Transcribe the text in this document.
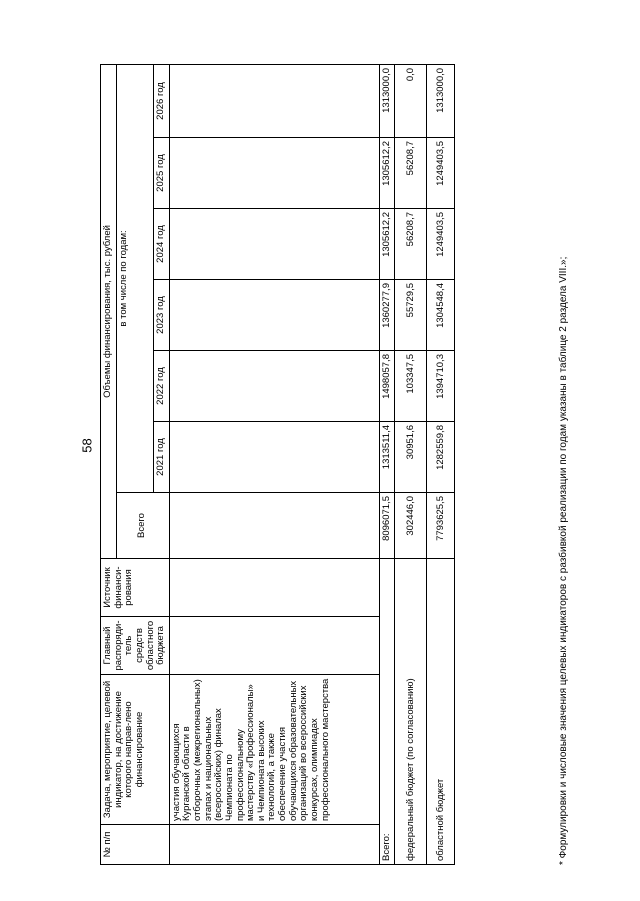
58
№ п/п	Задача, мероприятие, целевой индикатор, на достижение которого направ-лено финансирование	Главный распоряди-тель средств областного бюджета	Источник финанси-рования	Объемы финансирования, тыс. рублей						
				Всего	в том числе по годам:					
					2021 год	2022 год	2023 год	2024 год	2025 год	2026 год
	участия обучающихся Курганской области в отборочных (межрегиональных) этапах и национальных (всероссийских) финалах Чемпионата по профессиональному мастерству «Профессионалы» и Чемпионата высоких технологий, а также обеспечение участия обучающихся образовательных организаций во всероссийских конкурсах, олимпиадах профессионального мастерства									
Всего:				8096071,5	1313511,4	1498057,8	1360277,9	1305612,2	1305612,2	1313000,0
федеральный бюджет (по согласованию)				302446,0	30951,6	103347,5	55729,5	56208,7	56208,7	0,0
областной бюджет				7793625,5	1282559,8	1394710,3	1304548,4	1249403,5	1249403,5	1313000,0
* Формулировки и числовые значения целевых индикаторов с разбивкой реализации по годам указаны в таблице 2 раздела VIII.»;
